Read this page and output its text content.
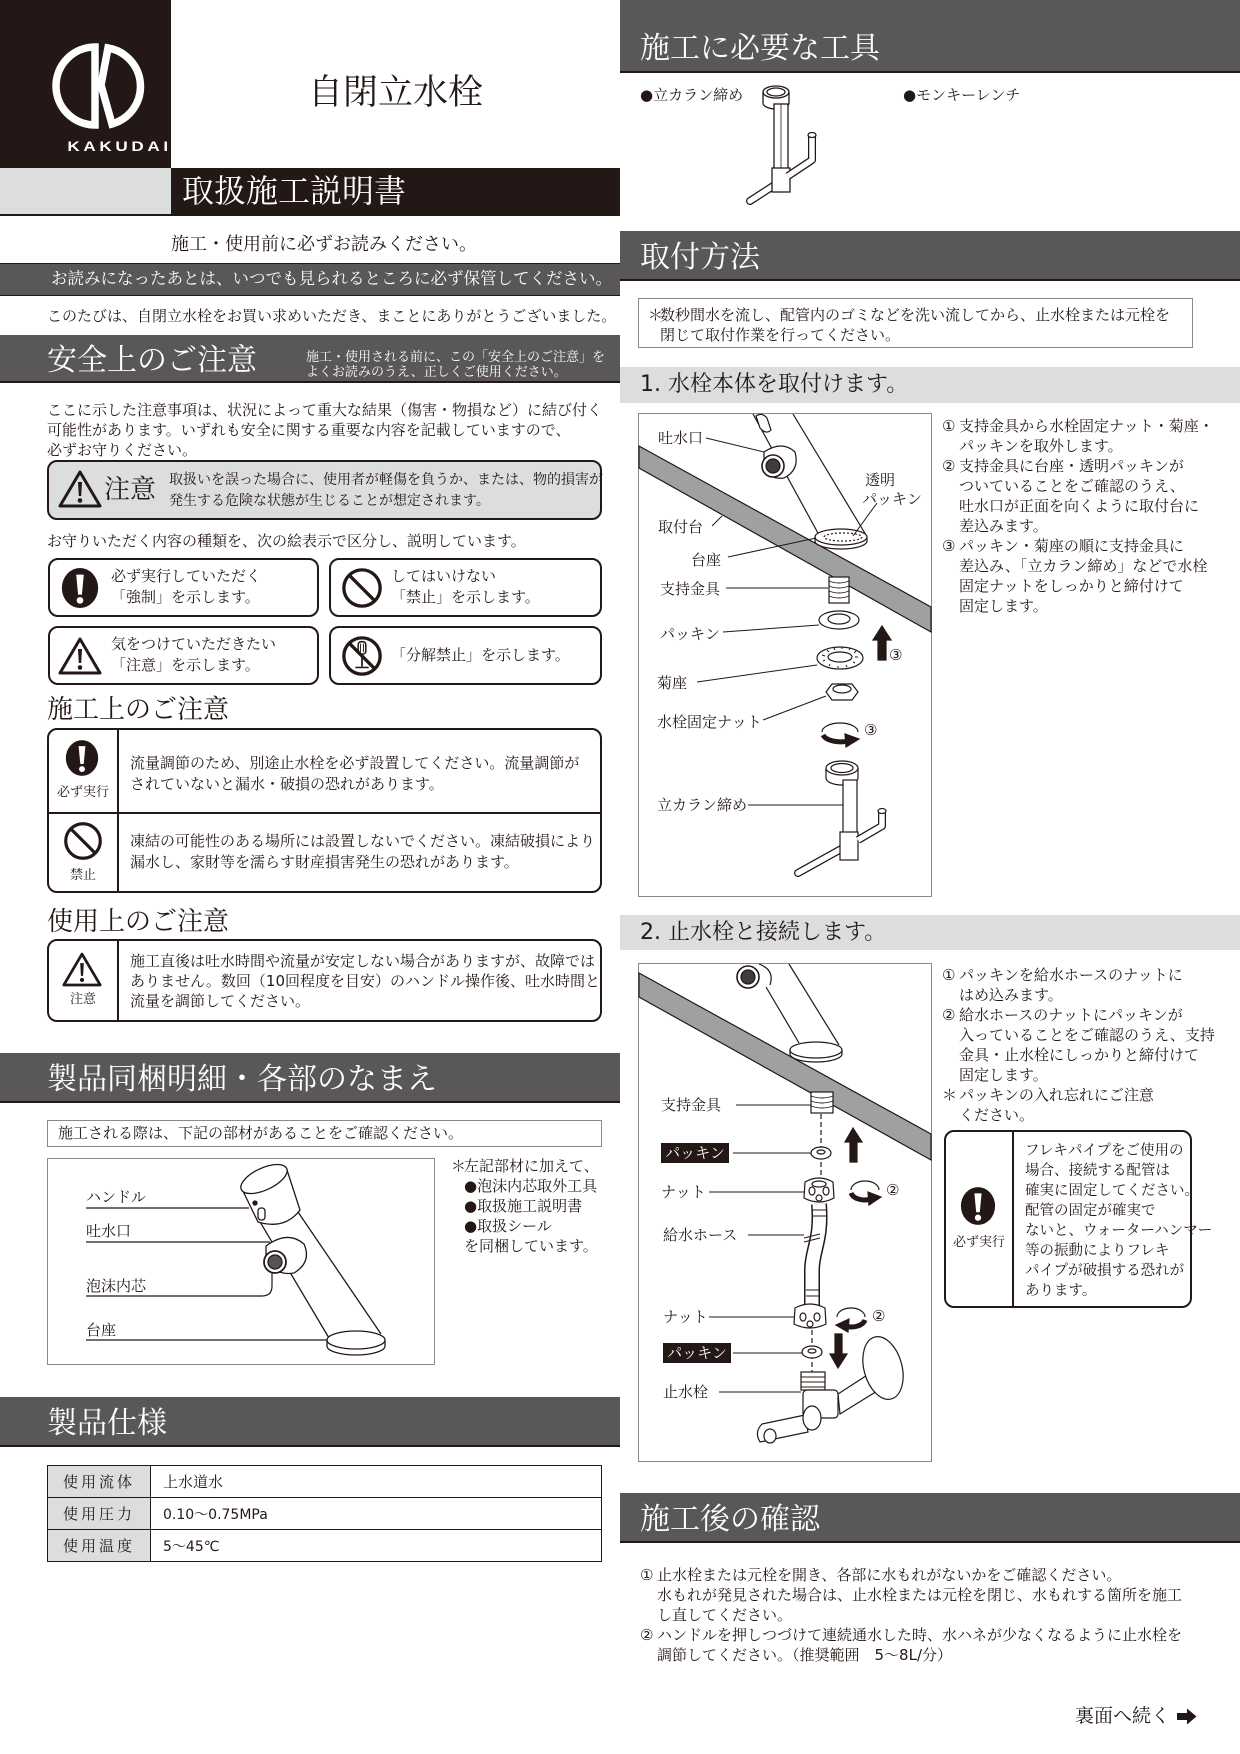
KAKUDAI
自閉立水栓
取扱施工説明書
施工・使用前に必ずお読みください。
お読みになったあとは、いつでも見られるところに必ず保管してください。
このたびは、自閉立水栓をお買い求めいただき、まことにありがとうございました。
安全上のご注意	施工・使用される前に、この「安全上のご注意」を
よくお読みのうえ、正しくご使用ください。
ここに示した注意事項は、状況によって重大な結果（傷害・物損など）に結び付く
可能性があります。いずれも安全に関する重要な内容を記載していますので、
必ずお守りください。
注意 取扱いを誤った場合に、使用者が軽傷を負うか、または、物的損害が
発生する危険な状態が生じることが想定されます。
お守りいただく内容の種類を、次の絵表示で区分し、説明しています。
必ず実行していただく
「強制」を示します。
してはいけない
「禁止」を示します。
気をつけていただきたい
「注意」を示します。
「分解禁止」を示します。
施工上のご注意
必ず実行
流量調節のため、別途止水栓を必ず設置してください。流量調節が
されていないと漏水・破損の恐れがあります。
禁止
凍結の可能性のある場所には設置しないでください。凍結破損により
漏水し、家財等を濡らす財産損害発生の恐れがあります。
使用上のご注意
注意
施工直後は吐水時間や流量が安定しない場合がありますが、故障では
ありません。数回（10回程度を目安）のハンドル操作後、吐水時間と
流量を調節してください。
製品同梱明細・各部のなまえ
施工される際は、下記の部材があることをご確認ください。
ハンドル
吐水口
泡沫内芯
台座
＊
左記部材に加えて、
●泡沫内芯取外工具
●取扱施工説明書
●取扱シール
を同梱しています。
製品仕様
使用流体	上水道水
使用圧力	0.10〜0.75MPa
使用温度	5〜45℃
施工に必要な工具
●立カラン締め	●モンキーレンチ
取付方法
＊
数秒間水を流し、配管内のゴミなどを洗い流してから、止水栓または元栓を
閉じて取付作業を行ってください。
1. 水栓本体を取付けます。
吐水口
透明
パッキン
取付台
台座
支持金具
パッキン
菊座
水栓固定ナット
立カラン締め
③
③
① 支持金具から水栓固定ナット・菊座・
パッキンを取外します。
② 支持金具に台座・透明パッキンが
ついていることをご確認のうえ、
吐水口が正面を向くように取付台に
差込みます。
③ パッキン・菊座の順に支持金具に
差込み、「立カラン締め」などで水栓
固定ナットをしっかりと締付けて
固定します。
2. 止水栓と接続します。
支持金具
パッキン
ナット
給水ホース
ナット
パッキン
止水栓
②
②
① パッキンを給水ホースのナットに
はめ込みます。
② 給水ホースのナットにパッキンが
入っていることをご確認のうえ、支持
金具・止水栓にしっかりと締付けて
固定します。
＊ パッキンの入れ忘れにご注意
ください。
必ず実行
フレキパイプをご使用の
場合、接続する配管は
確実に固定してください。
配管の固定が確実で
ないと、ウォーターハンマー
等の振動によりフレキ
パイプが破損する恐れが
あります。
施工後の確認
① 止水栓または元栓を開き、各部に水もれがないかをご確認ください。
水もれが発見された場合は、止水栓または元栓を閉じ、水もれする箇所を施工
し直してください。
② ハンドルを押しつづけて連続通水した時、水ハネが少なくなるように止水栓を
調節してください。（推奨範囲　5〜8L/分）
裏面へ続く
